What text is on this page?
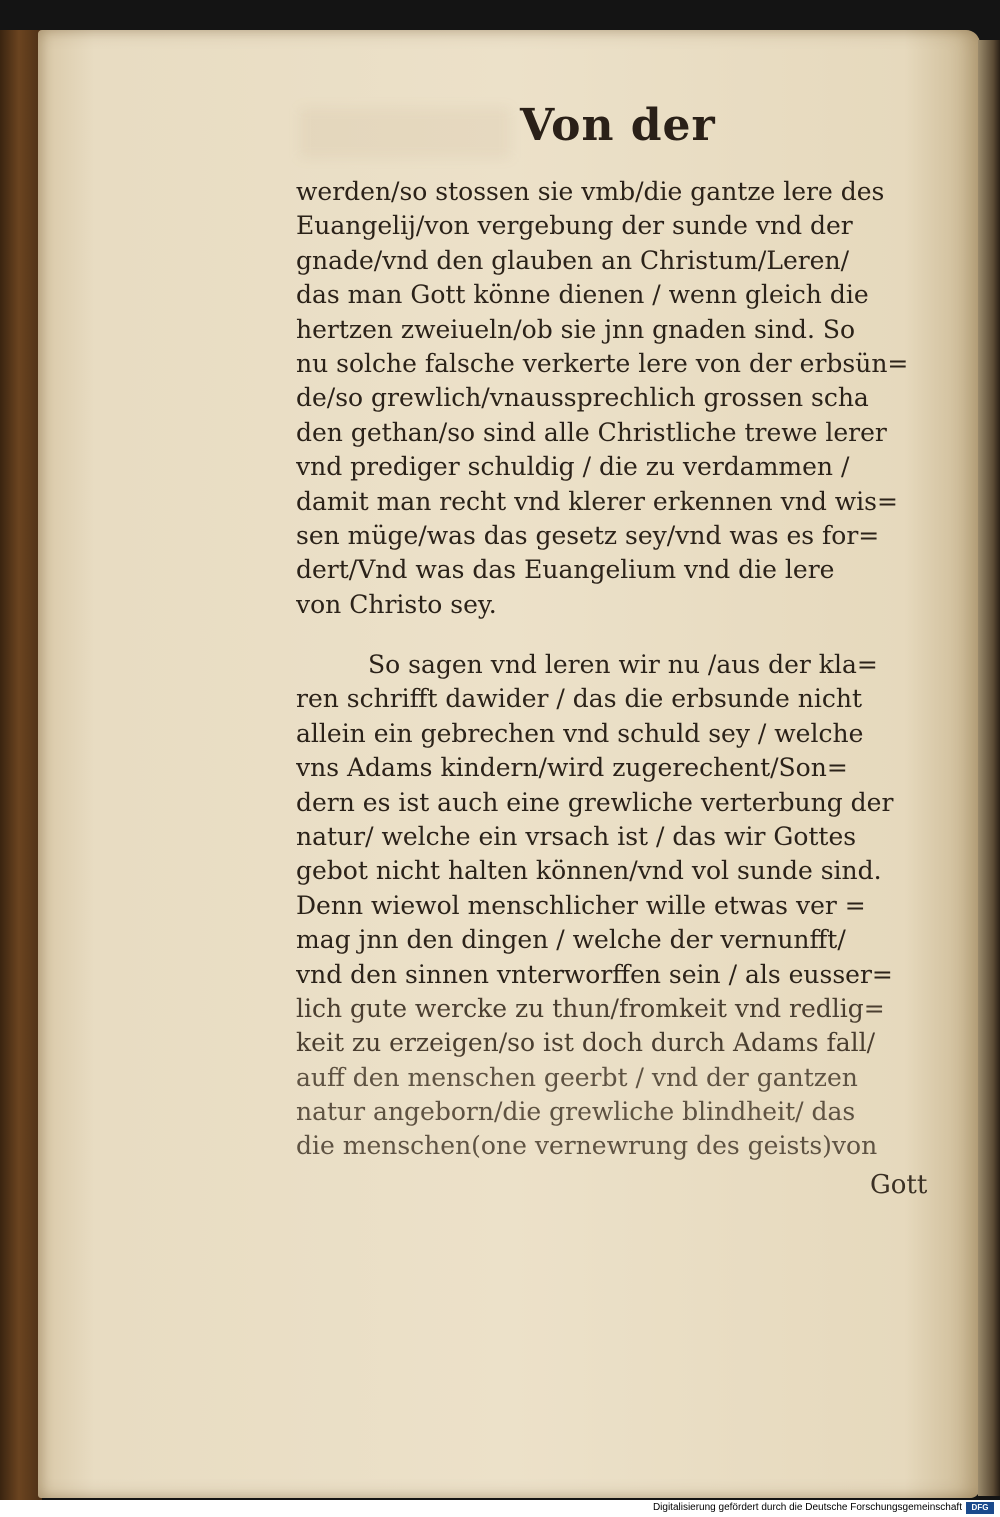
Von der
werden/so stossen sie vmb/die gantze lere des
Euangelij/von vergebung der sunde vnd der
gnade/vnd den glauben an Christum/Leren/
das man Gott könne dienen / wenn gleich die
hertzen zweiueln/ob sie jnn gnaden sind. So
nu solche falsche verkerte lere von der erbsün=
de/so grewlich/vnaussprechlich grossen scha
den gethan/so sind alle Christliche trewe lerer
vnd prediger schuldig / die zu verdammen /
damit man recht vnd klerer erkennen vnd wis=
sen müge/was das gesetz sey/vnd was es for=
dert/Vnd was das Euangelium vnd die lere
von Christo sey.
So sagen vnd leren wir nu /aus der kla=
ren schrifft dawider / das die erbsunde nicht
allein ein gebrechen vnd schuld sey / welche
vns Adams kindern/wird zugerechent/Son=
dern es ist auch eine grewliche verterbung der
natur/ welche ein vrsach ist / das wir Gottes
gebot nicht halten können/vnd vol sunde sind.
Denn wiewol menschlicher wille etwas ver =
mag jnn den dingen / welche der vernunfft/
vnd den sinnen vnterworffen sein / als eusser=
lich gute wercke zu thun/fromkeit vnd redlig=
keit zu erzeigen/so ist doch durch Adams fall/
auff den menschen geerbt / vnd der gantzen
natur angeborn/die grewliche blindheit/ das
die menschen(one vernewrung des geists)von

Gott

Digitalisierung gefördert durch die Deutsche Forschungsgemeinschaft	DFG
